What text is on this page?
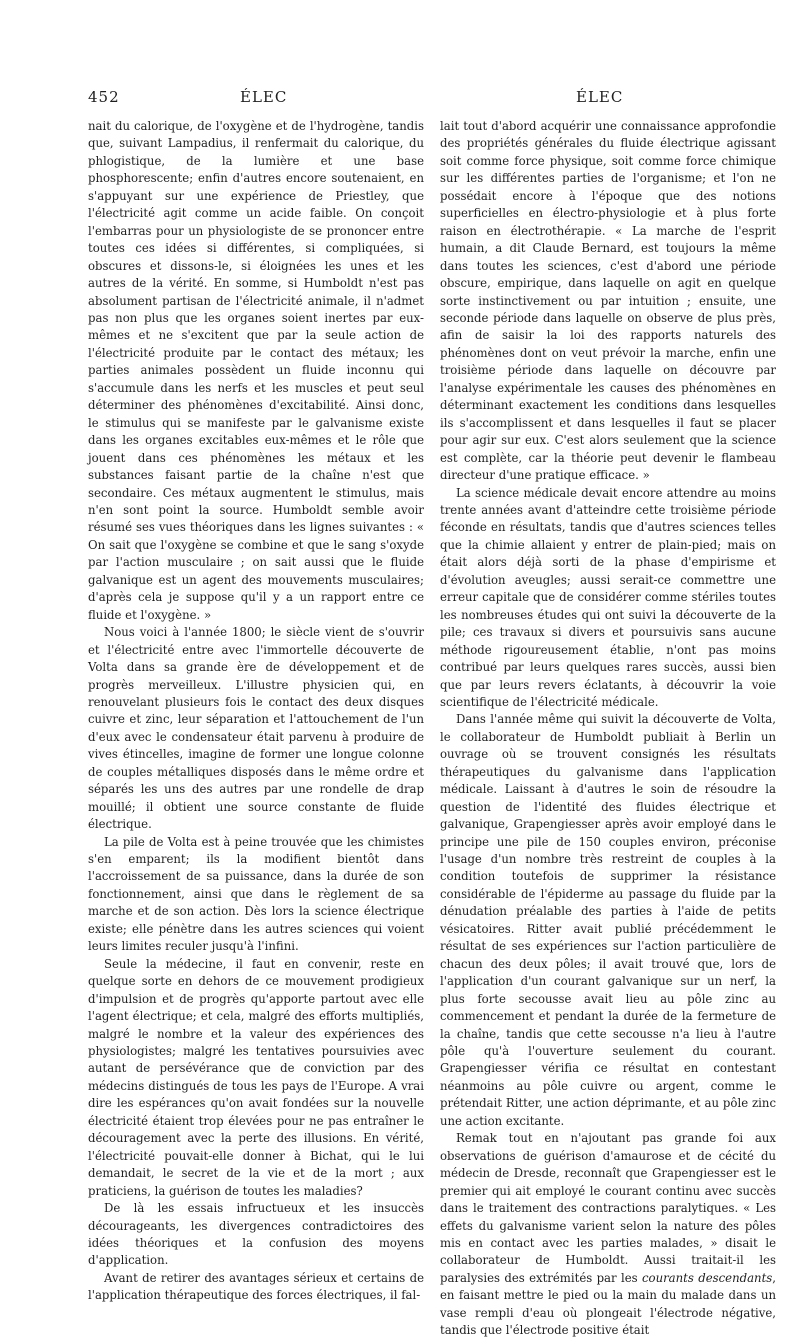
452	ÉLEC	ÉLEC

nait du calorique, de l'oxygène et de l'hydrogène, tandis que, suivant Lampadius, il renfermait du calorique, du phlogistique, de la lumière et une base phosphorescente; enfin d'autres encore soutenaient, en s'appuyant sur une expérience de Priestley, que l'électricité agit comme un acide faible. On conçoit l'embarras pour un physiologiste de se prononcer entre toutes ces idées si différentes, si compliquées, si obscures et dissons-le, si éloignées les unes et les autres de la vérité. En somme, si Humboldt n'est pas absolument partisan de l'électricité animale, il n'admet pas non plus que les organes soient inertes par eux-mêmes et ne s'excitent que par la seule action de l'électricité produite par le contact des métaux; les parties animales possèdent un fluide inconnu qui s'accumule dans les nerfs et les muscles et peut seul déterminer des phénomènes d'excitabilité. Ainsi donc, le stimulus qui se manifeste par le galvanisme existe dans les organes excitables eux-mêmes et le rôle que jouent dans ces phénomènes les métaux et les substances faisant partie de la chaîne n'est que secondaire. Ces métaux augmentent le stimulus, mais n'en sont point la source. Humboldt semble avoir résumé ses vues théoriques dans les lignes suivantes : « On sait que l'oxygène se combine et que le sang s'oxyde par l'action musculaire ; on sait aussi que le fluide galvanique est un agent des mouvements musculaires; d'après cela je suppose qu'il y a un rapport entre ce fluide et l'oxygène. »

Nous voici à l'année 1800; le siècle vient de s'ouvrir et l'électricité entre avec l'immortelle découverte de Volta dans sa grande ère de développement et de progrès merveilleux. L'illustre physicien qui, en renouvelant plusieurs fois le contact des deux disques cuivre et zinc, leur séparation et l'attouchement de l'un d'eux avec le condensateur était parvenu à produire de vives étincelles, imagine de former une longue colonne de couples métalliques disposés dans le même ordre et séparés les uns des autres par une rondelle de drap mouillé; il obtient une source constante de fluide électrique.

La pile de Volta est à peine trouvée que les chimistes s'en emparent; ils la modifient bientôt dans l'accroissement de sa puissance, dans la durée de son fonctionnement, ainsi que dans le règlement de sa marche et de son action. Dès lors la science électrique existe; elle pénètre dans les autres sciences qui voient leurs limites reculer jusqu'à l'infini.

Seule la médecine, il faut en convenir, reste en quelque sorte en dehors de ce mouvement prodigieux d'impulsion et de progrès qu'apporte partout avec elle l'agent électrique; et cela, malgré des efforts multipliés, malgré le nombre et la valeur des expériences des physiologistes; malgré les tentatives poursuivies avec autant de persévérance que de conviction par des médecins distingués de tous les pays de l'Europe. A vrai dire les espérances qu'on avait fondées sur la nouvelle électricité étaient trop élevées pour ne pas entraîner le découragement avec la perte des illusions. En vérité, l'électricité pouvait-elle donner à Bichat, qui le lui demandait, le secret de la vie et de la mort ; aux praticiens, la guérison de toutes les maladies?

De là les essais infructueux et les insuccès décourageants, les divergences contradictoires des idées théoriques et la confusion des moyens d'application.

Avant de retirer des avantages sérieux et certains de l'application thérapeutique des forces électriques, il fal-

lait tout d'abord acquérir une connaissance approfondie des propriétés générales du fluide électrique agissant soit comme force physique, soit comme force chimique sur les différentes parties de l'organisme; et l'on ne possédait encore à l'époque que des notions superficielles en électro-physiologie et à plus forte raison en électrothérapie. « La marche de l'esprit humain, a dit Claude Bernard, est toujours la même dans toutes les sciences, c'est d'abord une période obscure, empirique, dans laquelle on agit en quelque sorte instinctivement ou par intuition ; ensuite, une seconde période dans laquelle on observe de plus près, afin de saisir la loi des rapports naturels des phénomènes dont on veut prévoir la marche, enfin une troisième période dans laquelle on découvre par l'analyse expérimentale les causes des phénomènes en déterminant exactement les conditions dans lesquelles ils s'accomplissent et dans lesquelles il faut se placer pour agir sur eux. C'est alors seulement que la science est complète, car la théorie peut devenir le flambeau directeur d'une pratique efficace. »

La science médicale devait encore attendre au moins trente années avant d'atteindre cette troisième période féconde en résultats, tandis que d'autres sciences telles que la chimie allaient y entrer de plain-pied; mais on était alors déjà sorti de la phase d'empirisme et d'évolution aveugles; aussi serait-ce commettre une erreur capitale que de considérer comme stériles toutes les nombreuses études qui ont suivi la découverte de la pile; ces travaux si divers et poursuivis sans aucune méthode rigoureusement établie, n'ont pas moins contribué par leurs quelques rares succès, aussi bien que par leurs revers éclatants, à découvrir la voie scientifique de l'électricité médicale.

Dans l'année même qui suivit la découverte de Volta, le collaborateur de Humboldt publiait à Berlin un ouvrage où se trouvent consignés les résultats thérapeutiques du galvanisme dans l'application médicale. Laissant à d'autres le soin de résoudre la question de l'identité des fluides électrique et galvanique, Grapengiesser après avoir employé dans le principe une pile de 150 couples environ, préconise l'usage d'un nombre très restreint de couples à la condition toutefois de supprimer la résistance considérable de l'épiderme au passage du fluide par la dénudation préalable des parties à l'aide de petits vésicatoires. Ritter avait publié précédemment le résultat de ses expériences sur l'action particulière de chacun des deux pôles; il avait trouvé que, lors de l'application d'un courant galvanique sur un nerf, la plus forte secousse avait lieu au pôle zinc au commencement et pendant la durée de la fermeture de la chaîne, tandis que cette secousse n'a lieu à l'autre pôle qu'à l'ouverture seulement du courant. Grapengiesser vérifia ce résultat en contestant néanmoins au pôle cuivre ou argent, comme le prétendait Ritter, une action déprimante, et au pôle zinc une action excitante.

Remak tout en n'ajoutant pas grande foi aux observations de guérison d'amaurose et de cécité du médecin de Dresde, reconnaît que Grapengiesser est le premier qui ait employé le courant continu avec succès dans le traitement des contractions paralytiques. « Les effets du galvanisme varient selon la nature des pôles mis en contact avec les parties malades, » disait le collaborateur de Humboldt. Aussi traitait-il les paralysies des extrémités par les courants descendants, en faisant mettre le pied ou la main du malade dans un vase rempli d'eau où plongeait l'électrode négative, tandis que l'électrode positive était
